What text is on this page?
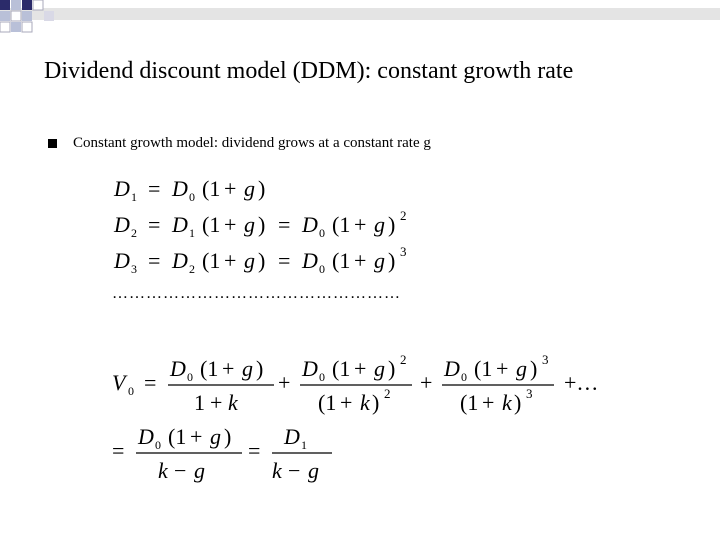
Dividend discount model (DDM): constant growth rate
Constant growth model: dividend grows at a constant rate g
D 1 = D 0 (1 + g )
D 2 = D 1 (1 + g ) = D 0 (1 + g ) 2
D 3 = D 2 (1 + g ) = D 0 (1 + g ) 3
……………………………………………
V 0 =
D 0 (1 + g )
1 + k
+
D 0 (1 + g ) 2
(1 + k ) 2 +
D 0 (1 + g ) 3
(1 + k ) 3 +…
=
D 0 (1 + g )
k − g
=
D 1
k − g
